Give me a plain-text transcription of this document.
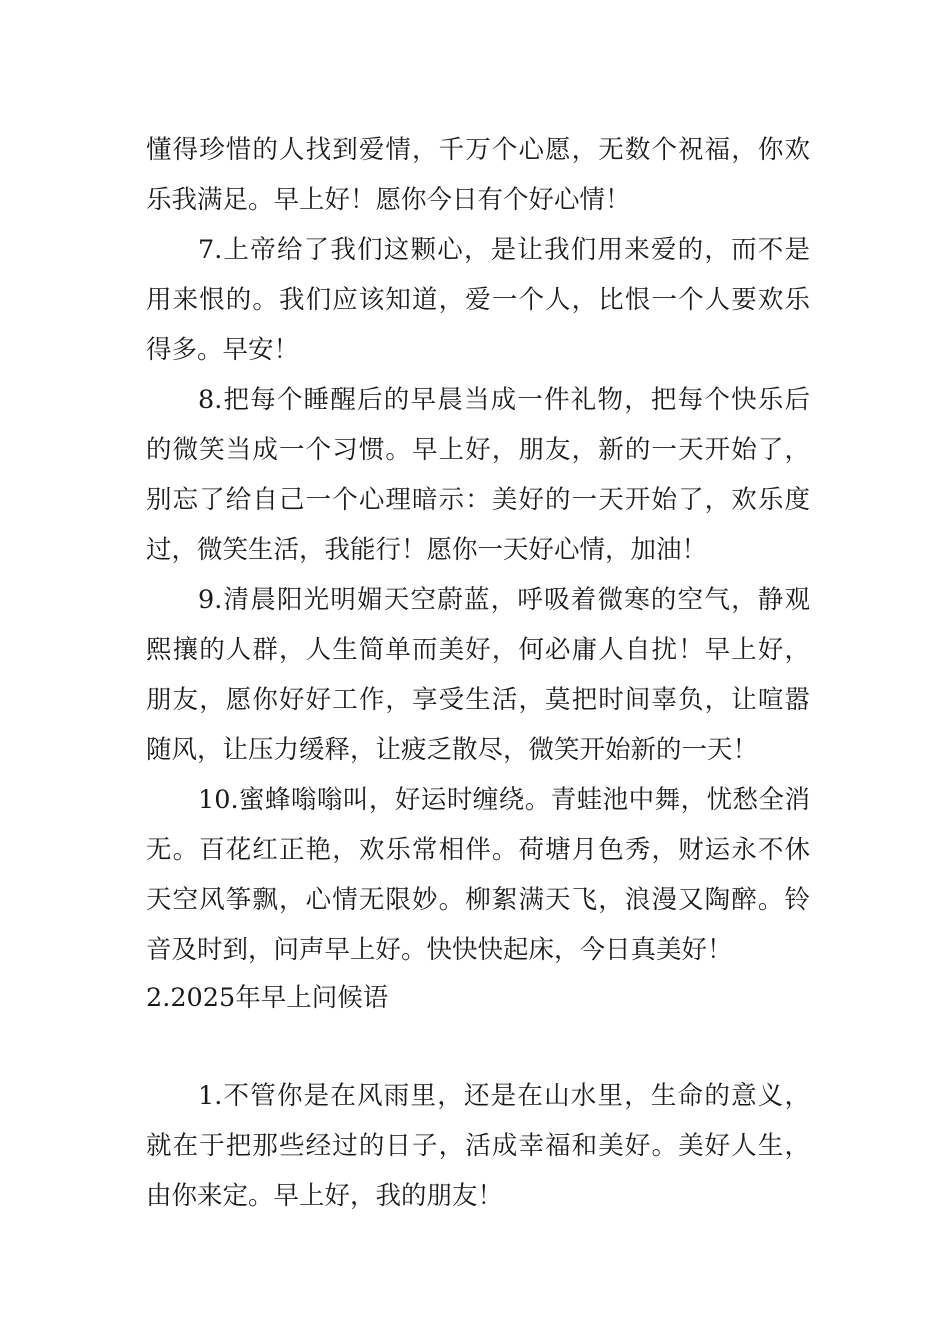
懂得珍惜的人找到爱情，千万个心愿，无数个祝福，你欢

乐我满足。早上好！愿你今日有个好心情！

7.上帝给了我们这颗心，是让我们用来爱的，而不是

用来恨的。我们应该知道，爱一个人，比恨一个人要欢乐

得多。早安！

8.把每个睡醒后的早晨当成一件礼物，把每个快乐后

的微笑当成一个习惯。早上好，朋友，新的一天开始了，

别忘了给自己一个心理暗示：美好的一天开始了，欢乐度

过，微笑生活，我能行！愿你一天好心情，加油！

9.清晨阳光明媚天空蔚蓝，呼吸着微寒的空气，静观

熙攘的人群，人生简单而美好，何必庸人自扰！早上好，

朋友，愿你好好工作，享受生活，莫把时间辜负，让喧嚣

随风，让压力缓释，让疲乏散尽，微笑开始新的一天！

10.蜜蜂嗡嗡叫，好运时缠绕。青蛙池中舞，忧愁全消

无。百花红正艳，欢乐常相伴。荷塘月色秀，财运永不休

天空风筝飘，心情无限妙。柳絮满天飞，浪漫又陶醉。铃

音及时到，问声早上好。快快快起床，今日真美好！

2.2025年早上问候语

1.不管你是在风雨里，还是在山水里，生命的意义，

就在于把那些经过的日子，活成幸福和美好。美好人生，

由你来定。早上好，我的朋友！
